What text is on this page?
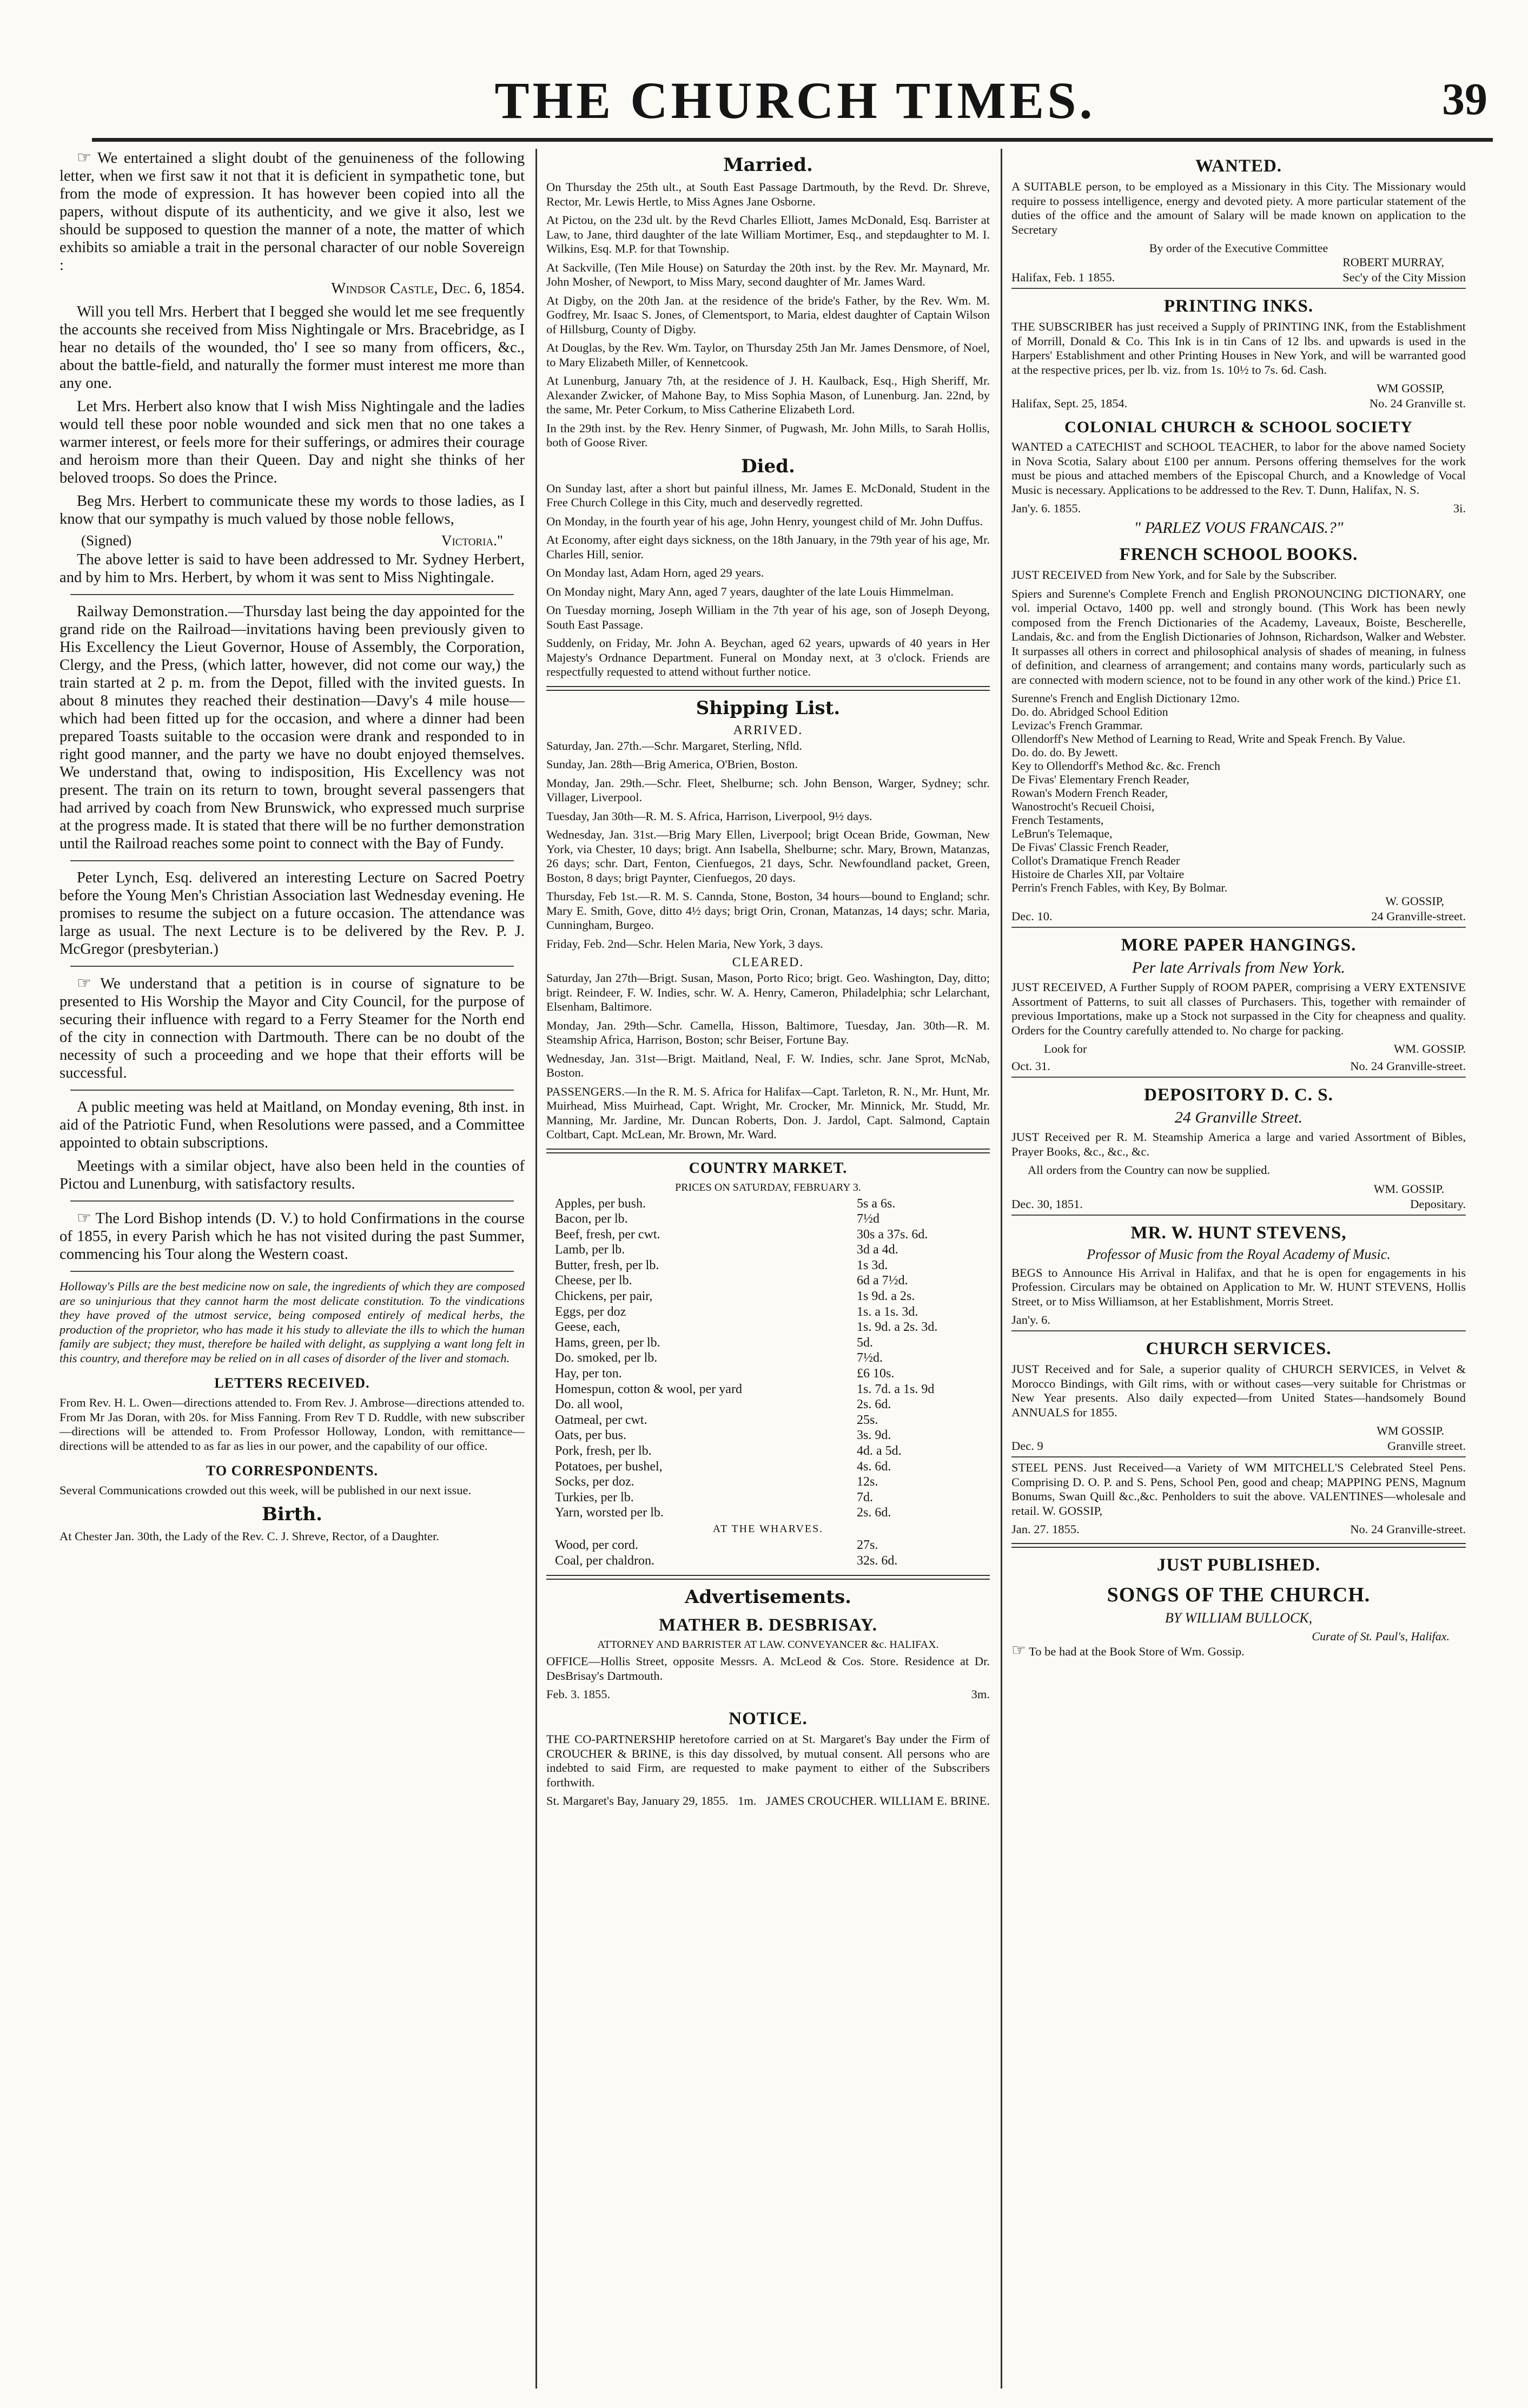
THE CHURCH TIMES.	39

☞ We entertained a slight doubt of the genuineness of the following letter, when we first saw it not that it is deficient in sympathetic tone, but from the mode of expression. It has however been copied into all the papers, without dispute of its authenticity, and we give it also, lest we should be supposed to question the manner of a note, the matter of which exhibits so amiable a trait in the personal character of our noble Sovereign :

Windsor Castle, Dec. 6, 1854.

Will you tell Mrs. Herbert that I begged she would let me see frequently the accounts she received from Miss Nightingale or Mrs. Bracebridge, as I hear no details of the wounded, tho' I see so many from officers, &c., about the battle-field, and naturally the former must interest me more than any one.

Let Mrs. Herbert also know that I wish Miss Nightingale and the ladies would tell these poor noble wounded and sick men that no one takes a warmer interest, or feels more for their sufferings, or admires their courage and heroism more than their Queen. Day and night she thinks of her beloved troops. So does the Prince.

Beg Mrs. Herbert to communicate these my words to those ladies, as I know that our sympathy is much valued by those noble fellows,

(Signed)	Victoria."

The above letter is said to have been addressed to Mr. Sydney Herbert, and by him to Mrs. Herbert, by whom it was sent to Miss Nightingale.

Railway Demonstration.—Thursday last being the day appointed for the grand ride on the Railroad—invitations having been previously given to His Excellency the Lieut Governor, House of Assembly, the Corporation, Clergy, and the Press, (which latter, however, did not come our way,) the train started at 2 p. m. from the Depot, filled with the invited guests. In about 8 minutes they reached their destination—Davy's 4 mile house—which had been fitted up for the occasion, and where a dinner had been prepared Toasts suitable to the occasion were drank and responded to in right good manner, and the party we have no doubt enjoyed themselves. We understand that, owing to indisposition, His Excellency was not present. The train on its return to town, brought several passengers that had arrived by coach from New Brunswick, who expressed much surprise at the progress made. It is stated that there will be no further demonstration until the Railroad reaches some point to connect with the Bay of Fundy.

Peter Lynch, Esq. delivered an interesting Lecture on Sacred Poetry before the Young Men's Christian Association last Wednesday evening. He promises to resume the subject on a future occasion. The attendance was large as usual. The next Lecture is to be delivered by the Rev. P. J. McGregor (presbyterian.)

☞ We understand that a petition is in course of signature to be presented to His Worship the Mayor and City Council, for the purpose of securing their influence with regard to a Ferry Steamer for the North end of the city in connection with Dartmouth. There can be no doubt of the necessity of such a proceeding and we hope that their efforts will be successful.

A public meeting was held at Maitland, on Monday evening, 8th inst. in aid of the Patriotic Fund, when Resolutions were passed, and a Committee appointed to obtain subscriptions.

Meetings with a similar object, have also been held in the counties of Pictou and Lunenburg, with satisfactory results.

☞ The Lord Bishop intends (D. V.) to hold Confirmations in the course of 1855, in every Parish which he has not visited during the past Summer, commencing his Tour along the Western coast.

Holloway's Pills are the best medicine now on sale, the ingredients of which they are composed are so uninjurious that they cannot harm the most delicate constitution. To the vindications they have proved of the utmost service, being composed entirely of medical herbs, the production of the proprietor, who has made it his study to alleviate the ills to which the human family are subject; they must, therefore be hailed with delight, as supplying a want long felt in this country, and therefore may be relied on in all cases of disorder of the liver and stomach.

LETTERS RECEIVED.

From Rev. H. L. Owen—directions attended to. From Rev. J. Ambrose—directions attended to. From Mr Jas Doran, with 20s. for Miss Fanning. From Rev T D. Ruddle, with new subscriber—directions will be attended to. From Professor Holloway, London, with remittance—directions will be attended to as far as lies in our power, and the capability of our office.

TO CORRESPONDENTS.

Several Communications crowded out this week, will be published in our next issue.

Birth.

At Chester Jan. 30th, the Lady of the Rev. C. J. Shreve, Rector, of a Daughter.

Married.

On Thursday the 25th ult., at South East Passage Dartmouth, by the Revd. Dr. Shreve, Rector, Mr. Lewis Hertle, to Miss Agnes Jane Osborne.

At Pictou, on the 23d ult. by the Revd Charles Elliott, James McDonald, Esq. Barrister at Law, to Jane, third daughter of the late William Mortimer, Esq., and stepdaughter to M. I. Wilkins, Esq. M.P. for that Township.

At Sackville, (Ten Mile House) on Saturday the 20th inst. by the Rev. Mr. Maynard, Mr. John Mosher, of Newport, to Miss Mary, second daughter of Mr. James Ward.

At Digby, on the 20th Jan. at the residence of the bride's Father, by the Rev. Wm. M. Godfrey, Mr. Isaac S. Jones, of Clementsport, to Maria, eldest daughter of Captain Wilson of Hillsburg, County of Digby.

At Douglas, by the Rev. Wm. Taylor, on Thursday 25th Jan Mr. James Densmore, of Noel, to Mary Elizabeth Miller, of Kennetcook.

At Lunenburg, January 7th, at the residence of J. H. Kaulback, Esq., High Sheriff, Mr. Alexander Zwicker, of Mahone Bay, to Miss Sophia Mason, of Lunenburg. Jan. 22nd, by the same, Mr. Peter Corkum, to Miss Catherine Elizabeth Lord.

In the 29th inst. by the Rev. Henry Sinmer, of Pugwash, Mr. John Mills, to Sarah Hollis, both of Goose River.

Died.

On Sunday last, after a short but painful illness, Mr. James E. McDonald, Student in the Free Church College in this City, much and deservedly regretted.

On Monday, in the fourth year of his age, John Henry, youngest child of Mr. John Duffus.

At Economy, after eight days sickness, on the 18th January, in the 79th year of his age, Mr. Charles Hill, senior.

On Monday last, Adam Horn, aged 29 years.

On Monday night, Mary Ann, aged 7 years, daughter of the late Louis Himmelman.

On Tuesday morning, Joseph William in the 7th year of his age, son of Joseph Deyong, South East Passage.

Suddenly, on Friday, Mr. John A. Beychan, aged 62 years, upwards of 40 years in Her Majesty's Ordnance Department. Funeral on Monday next, at 3 o'clock. Friends are respectfully requested to attend without further notice.

Shipping List.
ARRIVED.

Saturday, Jan. 27th.—Schr. Margaret, Sterling, Nfld.

Sunday, Jan. 28th—Brig America, O'Brien, Boston.

Monday, Jan. 29th.—Schr. Fleet, Shelburne; sch. John Benson, Warger, Sydney; schr. Villager, Liverpool.

Tuesday, Jan 30th—R. M. S. Africa, Harrison, Liverpool, 9½ days.

Wednesday, Jan. 31st.—Brig Mary Ellen, Liverpool; brigt Ocean Bride, Gowman, New York, via Chester, 10 days; brigt. Ann Isabella, Shelburne; schr. Mary, Brown, Matanzas, 26 days; schr. Dart, Fenton, Cienfuegos, 21 days, Schr. Newfoundland packet, Green, Boston, 8 days; brigt Paynter, Cienfuegos, 20 days.

Thursday, Feb 1st.—R. M. S. Cannda, Stone, Boston, 34 hours—bound to England; schr. Mary E. Smith, Gove, ditto 4½ days; brigt Orin, Cronan, Matanzas, 14 days; schr. Maria, Cunningham, Burgeo.

Friday, Feb. 2nd—Schr. Helen Maria, New York, 3 days.

CLEARED.

Saturday, Jan 27th—Brigt. Susan, Mason, Porto Rico; brigt. Geo. Washington, Day, ditto; brigt. Reindeer, F. W. Indies, schr. W. A. Henry, Cameron, Philadelphia; schr Lelarchant, Elsenham, Baltimore.

Monday, Jan. 29th—Schr. Camella, Hisson, Baltimore, Tuesday, Jan. 30th—R. M. Steamship Africa, Harrison, Boston; schr Beiser, Fortune Bay.

Wednesday, Jan. 31st—Brigt. Maitland, Neal, F. W. Indies, schr. Jane Sprot, McNab, Boston.

PASSENGERS.—In the R. M. S. Africa for Halifax—Capt. Tarleton, R. N., Mr. Hunt, Mr. Muirhead, Miss Muirhead, Capt. Wright, Mr. Crocker, Mr. Minnick, Mr. Studd, Mr. Manning, Mr. Jardine, Mr. Duncan Roberts, Don. J. Jardol, Capt. Salmond, Captain Coltbart, Capt. McLean, Mr. Brown, Mr. Ward.

COUNTRY MARKET.
PRICES ON SATURDAY, FEBRUARY 3.
Apples, per bush.	5s a 6s.
Bacon, per lb.	7½d
Beef, fresh, per cwt.	30s a 37s. 6d.
Lamb, per lb.	3d a 4d.
Butter, fresh, per lb.	1s 3d.
Cheese, per lb.	6d a 7½d.
Chickens, per pair,	1s 9d. a 2s.
Eggs, per doz	1s. a 1s. 3d.
Geese, each,	1s. 9d. a 2s. 3d.
Hams, green, per lb.	5d.
Do. smoked, per lb.	7½d.
Hay, per ton.	£6 10s.
Homespun, cotton & wool, per yard	1s. 7d. a 1s. 9d
Do. all wool,	2s. 6d.
Oatmeal, per cwt.	25s.
Oats, per bus.	3s. 9d.
Pork, fresh, per lb.	4d. a 5d.
Potatoes, per bushel,	4s. 6d.
Socks, per doz.	12s.
Turkies, per lb.	7d.
Yarn, worsted per lb.	2s. 6d.
AT THE WHARVES.
Wood, per cord.	27s.
Coal, per chaldron.	32s. 6d.
Advertisements.
MATHER B. DESBRISAY.
ATTORNEY AND BARRISTER AT LAW. CONVEYANCER &c. HALIFAX.

OFFICE—Hollis Street, opposite Messrs. A. McLeod & Cos. Store. Residence at Dr. DesBrisay's Dartmouth.

Feb. 3. 1855.	3m.
NOTICE.

THE CO-PARTNERSHIP heretofore carried on at St. Margaret's Bay under the Firm of CROUCHER & BRINE, is this day dissolved, by mutual consent. All persons who are indebted to said Firm, are requested to make payment to either of the Subscribers forthwith.

St. Margaret's Bay, January 29, 1855. 1m. JAMES CROUCHER. WILLIAM E. BRINE.
WANTED.

A SUITABLE person, to be employed as a Missionary in this City. The Missionary would require to possess intelligence, energy and devoted piety. A more particular statement of the duties of the office and the amount of Salary will be made known on application to the Secretary

By order of the Executive Committee
ROBERT MURRAY,
Halifax, Feb. 1 1855.	Sec'y of the City Mission
PRINTING INKS.

THE SUBSCRIBER has just received a Supply of PRINTING INK, from the Establishment of Morrill, Donald & Co. This Ink is in tin Cans of 12 lbs. and upwards is used in the Harpers' Establishment and other Printing Houses in New York, and will be warranted good at the respective prices, per lb. viz. from 1s. 10½ to 7s. 6d. Cash.

WM GOSSIP,
Halifax, Sept. 25, 1854.	No. 24 Granville st.
COLONIAL CHURCH & SCHOOL SOCIETY

WANTED a CATECHIST and SCHOOL TEACHER, to labor for the above named Society in Nova Scotia, Salary about £100 per annum. Persons offering themselves for the work must be pious and attached members of the Episcopal Church, and a Knowledge of Vocal Music is necessary. Applications to be addressed to the Rev. T. Dunn, Halifax, N. S.

Jan'y. 6. 1855.	3i.
" PARLEZ VOUS FRANCAIS.?"
FRENCH SCHOOL BOOKS.

JUST RECEIVED from New York, and for Sale by the Subscriber.

Spiers and Surenne's Complete French and English PRONOUNCING DICTIONARY, one vol. imperial Octavo, 1400 pp. well and strongly bound. (This Work has been newly composed from the French Dictionaries of the Academy, Laveaux, Boiste, Bescherelle, Landais, &c. and from the English Dictionaries of Johnson, Richardson, Walker and Webster. It surpasses all others in correct and philosophical analysis of shades of meaning, in fulness of definition, and clearness of arrangement; and contains many words, particularly such as are connected with modern science, not to be found in any other work of the kind.) Price £1.

Surenne's French and English Dictionary 12mo.
Do. do. Abridged School Edition
Levizac's French Grammar.
Ollendorff's New Method of Learning to Read, Write and Speak French. By Value.
Do. do. do. By Jewett.
Key to Ollendorff's Method &c. &c. French
De Fivas' Elementary French Reader,
Rowan's Modern French Reader,
Wanostrocht's Recueil Choisi,
French Testaments,
LeBrun's Telemaque,
De Fivas' Classic French Reader,
Collot's Dramatique French Reader
Histoire de Charles XII, par Voltaire
Perrin's French Fables, with Key, By Bolmar.
W. GOSSIP,
Dec. 10.	24 Granville-street.
MORE PAPER HANGINGS.
Per late Arrivals from New York.

JUST RECEIVED, A Further Supply of ROOM PAPER, comprising a VERY EXTENSIVE Assortment of Patterns, to suit all classes of Purchasers. This, together with remainder of previous Importations, make up a Stock not surpassed in the City for cheapness and quality. Orders for the Country carefully attended to. No charge for packing.

Look for	WM. GOSSIP.
Oct. 31.	No. 24 Granville-street.
DEPOSITORY D. C. S.
24 Granville Street.

JUST Received per R. M. Steamship America a large and varied Assortment of Bibles, Prayer Books, &c., &c., &c.

All orders from the Country can now be supplied.

WM. GOSSIP.
Dec. 30, 1851.	Depositary.
MR. W. HUNT STEVENS,
Professor of Music from the Royal Academy of Music.

BEGS to Announce His Arrival in Halifax, and that he is open for engagements in his Profession. Circulars may be obtained on Application to Mr. W. HUNT STEVENS, Hollis Street, or to Miss Williamson, at her Establishment, Morris Street.

Jan'y. 6.
CHURCH SERVICES.

JUST Received and for Sale, a superior quality of CHURCH SERVICES, in Velvet & Morocco Bindings, with Gilt rims, with or without cases—very suitable for Christmas or New Year presents. Also daily expected—from United States—handsomely Bound ANNUALS for 1855.

WM GOSSIP.
Dec. 9	Granville street.

STEEL PENS. Just Received—a Variety of WM MITCHELL'S Celebrated Steel Pens. Comprising D. O. P. and S. Pens, School Pen, good and cheap; MAPPING PENS, Magnum Bonums, Swan Quill &c.,&c. Penholders to suit the above. VALENTINES—wholesale and retail. W. GOSSIP,

Jan. 27. 1855.	No. 24 Granville-street.
JUST PUBLISHED.
SONGS OF THE CHURCH.
BY WILLIAM BULLOCK,
Curate of St. Paul's, Halifax.

☞ To be had at the Book Store of Wm. Gossip.
